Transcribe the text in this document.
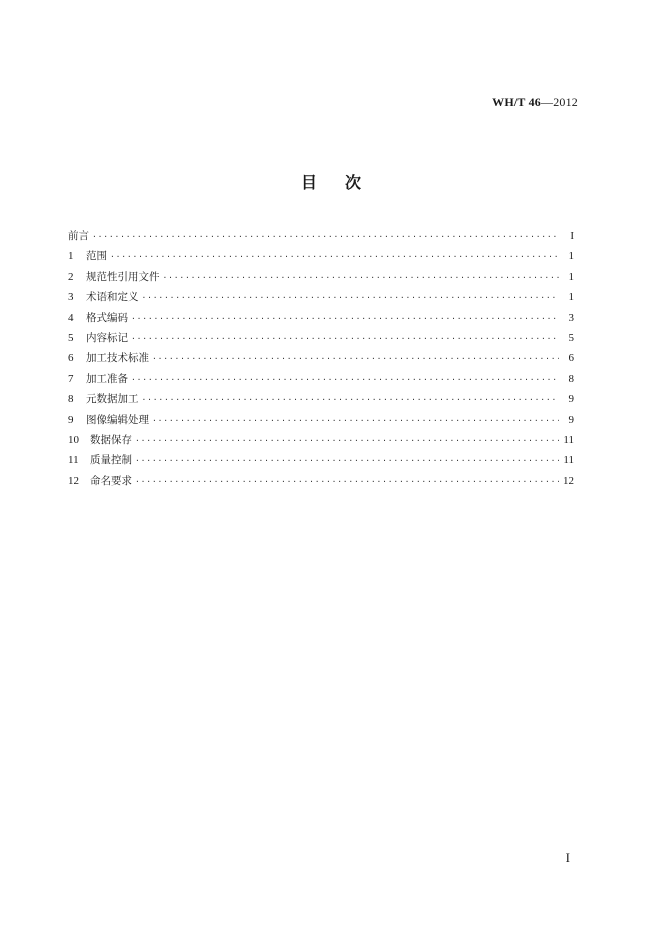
WH/T 46—2012
目次
前言 ·····	I
1	范围 ·····	1
2	规范性引用文件 ·····	1
3	术语和定义 ·····	1
4	格式编码 ·····	3
5	内容标记 ·····	5
6	加工技术标准 ·····	6
7	加工准备 ·····	8
8	元数据加工 ·····	9
9	图像编辑处理 ·····	9
10	数据保存 ·····	11
11	质量控制 ·····	11
12	命名要求 ·····	12
I
